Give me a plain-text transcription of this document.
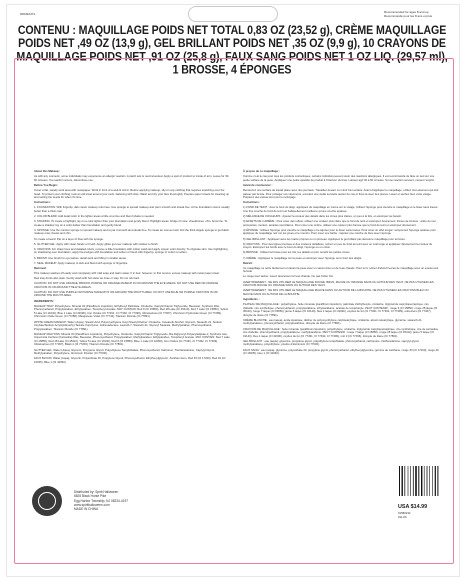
000492474	Recommended for ages 8 and up
Recommandé pour les 8 ans et plus
CONTENU : MAQUILLAGE POIDS NET TOTAL 0,83 OZ (23,52 g), CRÈME MAQUILLAGE POIDS NET ,49 OZ (13,9 g), GEL BRILLANT POIDS NET ,35 OZ (9,9 g), 10 CRAYONS DE MAQUILLAGE POIDS NET ,91 OZ (25,8 g), FAUX SANG POIDS NET 1 OZ LIQ. (29,57 ml), 1 BROSSE, 4 ÉPONGES

About this Makeup:

As with any cosmetic, some individuals may experience an allergic reaction. A patch test is recommended. Apply a spot of product to inside of arm. Leave for 30-60 minutes. If a reaction occurs, discontinue use.

Before You Begin:

Cover a flat, steady work area with newspaper. Work in front of a well-lit mirror. Before applying makeup, slip on any clothing that requires stretching over the head. To protect your clothing, tuck an old towel around your neck, fastening with clips. Wash and dry your face thoroughly. Prepare paper towels for cleaning up and setting the seeds for when it's time.

Instructions:

1. FOUNDATION: With fingertip, dab cream makeup onto face. Use sponge to spread makeup and pat it smooth and streak free. A fine foundation coat is usually better than a thick coat.

2. COLOR BLEND: Add detail color in the lighter areas a little at a time and blend shade is needed.

3. SHADING: To create a highlight, lay on a color lighter than your foundation and gently blend. Highlight areas: bridge of nose, cheekbones, chin, brow line. To create a shadow, lay on a color darker than foundation and gently blend.

4. SPONGE: Use the contour sponge to spread makeup and to pat it smooth and streak free. To create an uneven look: Dot the thick stipple sponge to get black makeup onto cheeks and chin.

To create a beard: Pat on a layer of blue with the sponge.

5. GLITTER GEL: Apply with clean hands or brush. Apply glitter gel over makeup with strokes to finish.

6. CRAYONS: For sharp lines and detailed colors, remove a little foundation with cotton swab and apply crayon color directly. To originate skin: Use highlighting on shadowing over foundation, apply lined edges with foundation and soften or blend with fingertip, sponge or cotton to soften.

6. BRUSH: Use brush for eye lashes, detail work and filling in smaller areas.

7. SEAL MAKEUP: Apply makeup to skin and blend with sponge or fingertips.

Removal:

This makeup washes off easily and completely with mild soap and warm water. If in bed, however, to first remove excess makeup with moist paper towel.

Red stay-hunts also stain. Gently wash with hot water as rinse or stay. Do not rub hard.

CAUTION: DO NOT USE ORANGE, BROWN, PURPLE OR ORANGE MAKEUP IN OR AROUND THE EYE AREAS. DO NOT USE RED OR ORANGE CRAYONS IN OR AROUND THE EYE AREAS.

CAUTION: DO NOT USE PURPLE OR PURPLE MAKEUP IN OR AROUND THE MOUTH AREA. DO NOT USE BLUE OR PURPLE CRAYONS IN OR AROUND THE MOUTH AREA.

INGREDIENTS:

MAKEUP TRAY: Polyethylene, Mineral Oil (Paraffinum Liquidum), Ethylhexyl Palmitate, Ozokerite, Caprylic/Capric Triglyceride, Beeswax, Synthetic Wax, Phenoxyethanol, Propylparaben, Ethylparaben, Tocopheryl Acetate. MAY CONTAIN: Red 6 (CI 15850), Red 28 Lake (CI 45410), Red 7 Lake (CI 15850), Yellow 5 Lake (CI 19140), Blue 1 Lake (CI 42090), Iron Oxides (CI 77491, CI 77492, CI 77499), Ultramarines (CI 77007), Chromium Hydroxide Green (CI 77289), Chromium Oxide Green (CI 77288), Manganese Violet (CI 77742), Titanium Dioxide (CI 77891).

WHITE CREAM MAKEUP: Water (Aqua), Stearic Acid, Polyoxyethylene Cetyl Stearyl Diether, Ozokerite, Ceteareth Alcohol, Glycerin, Steareth-21, Sodium Acrylate/Sodium Acryloyldimethyl Taurate Copolymer, Isohexadecane, Laureth-7, Steareth-21, Glyceryl Stearate, Methylparaben, Phenoxyethanol, Propylparaben, Titanium Dioxide (CI 77891).

MAKEUP CRAYONS: Mineral Oil (Paraffinum Liquidum), Polyethylene, Ozokerite, Caprylic/Capric Triglyceride, Bis-Diglyceryl Polyacyladipate-2, Synthetic wax, Copernicia Cerifera (Carnauba) Wax, Beeswax, Phenoxyethanol, Propylparaben, Methylparaben, Ethylparaben, Tocopheryl Acetate. MAY CONTAIN: Red 7 Lake (CI 15850), Red 28 Lake (CI 45410), Yellow 5 Lake (CI 19140), Red 6 (CI 15850), Blue 1 Lake (CI 42090), Iron Oxides (CI 77491, CI 77492, CI 77499), Ultramarines (CI 77007), Black 2 (CI 77266), Titanium Dioxide (CI 77891).

GLITTER GEL: Water (Aqua), Glycerin, Propylene Glycol, Polyethylene Terephthalate, Phenoxyethanol, Carbomer, Triethanolamine, Caprylyl Glycol, Methylparaben, Polyethylene, Aluminum Powder (CI 77000).

FAUX BLOOD: Water (Aqua), Glycerin, Polysorbate 20, Propylene Glycol, Phenoxyethanol, Ethylhexylglycerin, Xanthan Gum, Red 33 (CI 17200), Red 40 (CI 16035), Blue 1 (CI 42090).

À propos de ce maquillage :

Comme c'est le cas pour tous les produits cosmétiques, certains individus peuvent avoir des réactions allergiques. Il est recommandé de faire un test sur une petite surface de la peau. Appliquez une petite quantité de produit à l'intérieur du bras. Laissez agir 30 à 60 minutes. Si une réaction survient, cessez l'emploi.

Avant de commencer :

Recouvrez une surface de travail plane avec des journaux. Travaillez devant un miroir bien éclairé. Avant d'appliquer le maquillage, enfilez tout vêtement qui doit passer par la tête. Pour protéger vos vêtements, enroulez une vieille serviette autour du cou et fixez-la avec des pinces. Lavez et séchez bien votre visage. Préparez des essuie-tout pour le nettoyage.

Instructions :

1) FOND DE TEINT : Avec le bout du doigt, appliquez du maquillage en crème sur le visage. Utilisez l'éponge pour étendre le maquillage et le lisser sans traces. Une fine couche de fond de teint est habituellement meilleure qu'une couche épaisse.

2) MÉLANGE DE COULEURS : Ajoutez la couleur des détails dans les zones plus claires, un peu à la fois, et estompez au besoin.

3) EFFETS DE LUMIÈRE : Pour créer des reflets, utilisez une couleur plus claire que le fond de teint et estompez doucement. Zones de lumière : arête du nez, pommettes, menton, arcades sourcilières. Pour créer une ombre, utilisez une couleur plus foncée que le fond de teint et estompez doucement.

4) ÉPONGE : Utilisez l'éponge pour étendre le maquillage et le tapoter pour le lisser sans traces. Pour créer un effet inégal : tamponnez l'éponge épaisse pour appliquer du maquillage noir sur les joues et le menton. Pour créer une barbe : tapotez une couche de bleu avec l'éponge.

5) GEL BRILLANT : Appliquez avec les mains propres ou un pinceau. Appliquez le gel brillant par-dessus le maquillage pour terminer.

6) CRAYONS : Pour des lignes précises et des couleurs détaillées, retirez un peu de fond de teint avec un coton-tige et appliquez directement la couleur du crayon. Estompez les bords avec le bout du doigt, l'éponge ou un coton.

6) BROSSE : Utilisez la brosse pour les cils, les détails et pour remplir les petites zones.

7) CRÈME : Appliquez le maquillage sur la peau et estompez avec l'éponge ou le bout des doigts.

Retrait :

Ce maquillage se retire facilement en lavant la peau avec un savon doux et de l'eau chaude. Pour le lit, retirez d'abord l'excès de maquillage avec un essuie-tout humide.

Le rouge peut tacher. Lavez doucement à l'eau chaude. Ne pas frotter fort.

AVERTISSEMENT : NE PAS UTILISER LE MAQUILLAGE ROUGE, BRUN, MAUVE OU ORANGE DANS OU AUTOUR DES YEUX. NE PAS UTILISER LES CRAYONS ROUGE OU ORANGE DANS OU AUTOUR DES YEUX.

AVERTISSEMENT : NE PAS UTILISER LE MAQUILLAGE MAUVE DANS OU AUTOUR DE LA BOUCHE. NE PAS UTILISER LES CRAYONS BLEU OU MAUVE DANS OU AUTOUR DE LA BOUCHE.

Ingrédients :

PLATEAU DE MAQUILLAGE : polyéthylène, huile minérale (paraffinum liquidum), palmitate d'éthylhexyle, ozokérite, triglycéride caprylique/caprique, cire d'abeille, cire synthétique, phénoxyéthanol, propylparabène, éthylparabène, acétate de tocophéryle. PEUT CONTENIR : rouge 6 (CI 15850), rouge 28 laque (CI 45410), rouge 7 laque (CI 15850), jaune 5 laque (CI 19140), bleu 1 laque (CI 42090), oxydes de fer (CI 77491, CI 77492, CI 77499), outremers (CI 77007), dioxyde de titane (CI 77891).

CRÈME BLANCHE : eau (aqua), acide stéarique, diéther de polyoxyéthylène cétylstéarylique, ozokérite, alcool cétéarylique, glycérine, stéareth-21, méthylparabène, phénoxyéthanol, propylparabène, dioxyde de titane (CI 77891).

CRAYONS DE MAQUILLAGE : huile minérale (paraffinum liquidum), polyéthylène, ozokérite, triglycéride caprylique/caprique, cire synthétique, cire de carnauba, cire d'abeille, phénoxyéthanol, propylparabène, méthylparabène. PEUT CONTENIR : rouge 7 laque (CI 15850), rouge 28 laque (CI 45410), jaune 5 laque (CI 19140), bleu 1 laque (CI 42090), oxydes de fer (CI 77491, CI 77492, CI 77499), noir 2 (CI 77266), dioxyde de titane (CI 77891).

GEL BRILLANT : eau (aqua), glycérine, propylène glycol, polyéthylène téréphtalate, phénoxyéthanol, carbomère, triéthanolamine, caprylyl glycol, méthylparabène, polyéthylène, poudre d'aluminium (CI 77000).

FAUX SANG : eau (aqua), glycérine, polysorbate 20, propylène glycol, phénoxyéthanol, éthylhexylglycérine, gomme de xanthane, rouge 33 (CI 17200), rouge 40 (CI 16035), bleu 1 (CI 42090).

Distributed by: Spirit Halloween
6826 Black Horse Pike
Egg Harbor Township, NJ 08234-4197
www.spirithalloween.com
MADE IN CHINA	USA $14.99
01586234
011-66
